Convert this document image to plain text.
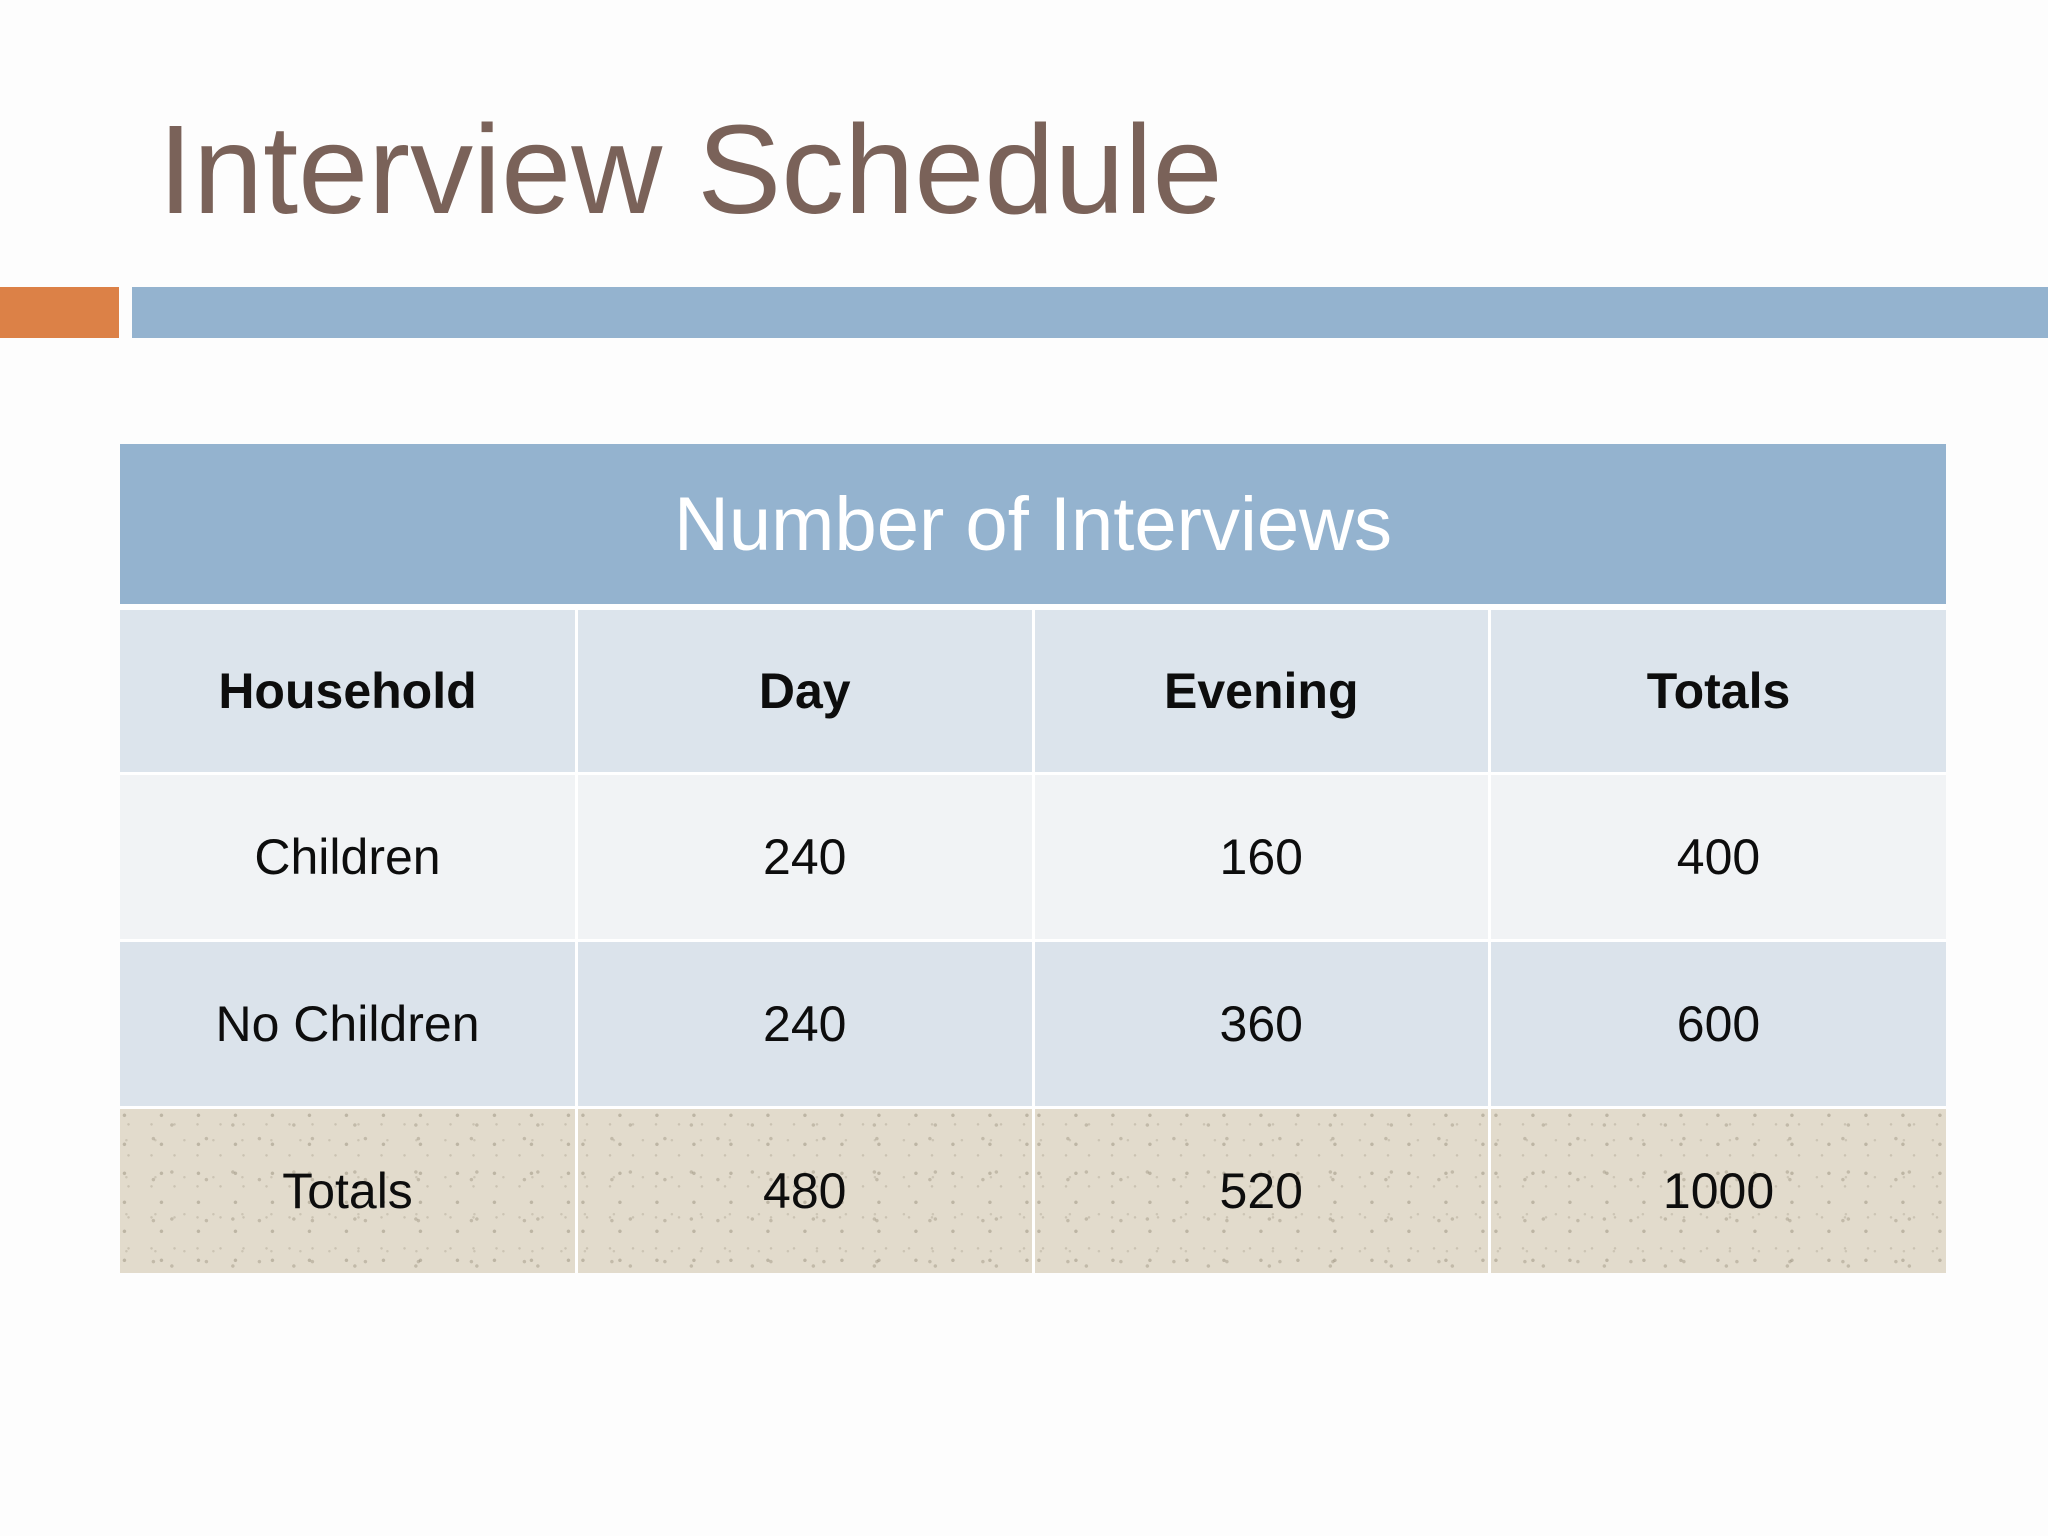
Interview Schedule
Number of Interviews			
Household	Day	Evening	Totals
Children	240	160	400
No Children	240	360	600
Totals	480	520	1000
